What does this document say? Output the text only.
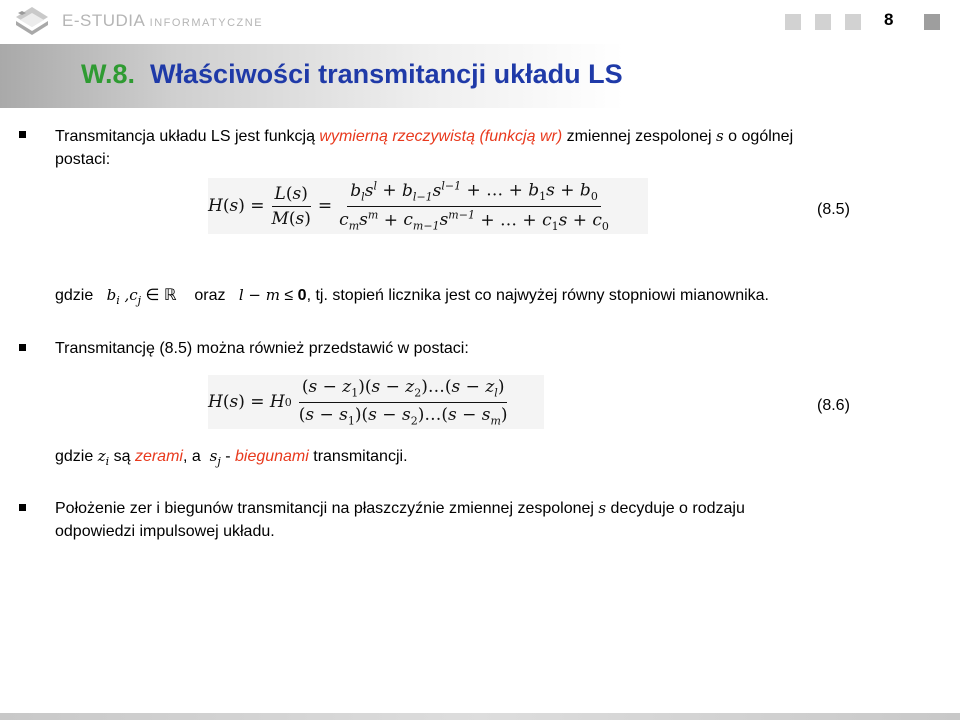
E-STUDIA INFORMATYCZNE	8
W.8. Właściwości transmitancji układu LS
Transmitancja układu LS jest funkcją wymierną rzeczywistą (funkcją wr) zmiennej zespolonej s o ogólnej
postaci:
H ( s ) = $\frac{L(s)}{M(s)} = \frac{b_ls^l + b_{l-1}s^{l-1} + \dots + b_1s + b_0}{c_ms^m + c_{m-1}s^{m-1} + \dots + c_1s + c_0}$	(8.5)
gdzie $b_i$ $,c_j$ ∈ ℝ    oraz l − m ≤ 0, tj. stopień licznika jest co najwyżej równy stopniowi mianownika.
Transmitancję (8.5) można również przedstawić w postaci:
H ( s ) = H $0 \frac{(s - z_1)(s - z_2)\dots(s - z_l)}{(s - s_1)(s - s_2)\dots(s - s_m)}$	(8.6)
gdzie $z_i$ są zerami, a  $s_j$ - biegunami transmitancji.
Położenie zer i biegunów transmitancji na płaszczyźnie zmiennej zespolonej s decyduje o rodzaju
odpowiedzi impulsowej układu.
